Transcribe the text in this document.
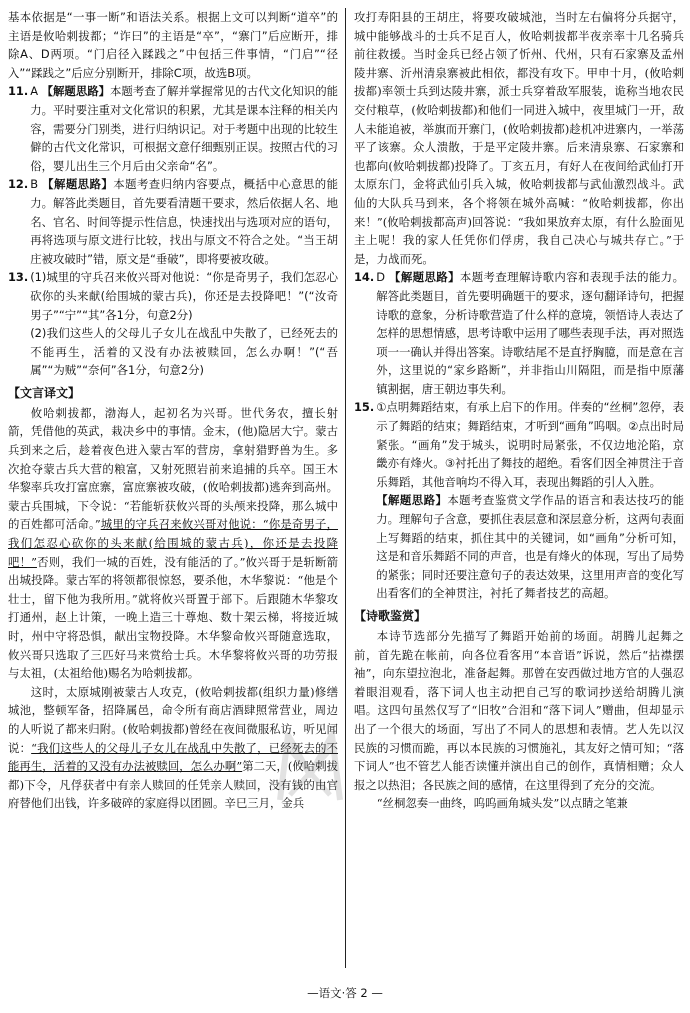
基本依据是“一事一断”和语法关系。根据上文可以判断“道卒”的主语是攸哈剌拔都；“诈曰”的主语是“卒”，“寨门”后应断开，排除A、D两项。“门启径入蹂践之”中包括三件事情，“门启”“径入”“蹂践之”后应分别断开，排除C项，故选B项。

11. A 【解题思路】本题考查了解并掌握常见的古代文化知识的能力。平时要注重对文化常识的积累，尤其是课本注释的相关内容，需要分门别类，进行归纳识记。对于考题中出现的比较生僻的古代文化常识，可根据文意仔细甄别正误。按照古代的习俗，婴儿出生三个月后由父亲命“名”。

12. B 【解题思路】本题考查归纳内容要点，概括中心意思的能力。解答此类题目，首先要看清题干要求，然后依据人名、地名、官名、时间等提示性信息，快速找出与选项对应的语句，再将选项与原文进行比较，找出与原文不符合之处。“当王胡庄被攻破时”错，原文是“垂破”，即将要被攻破。

13. (1)城里的守兵召来攸兴哥对他说：“你是奇男子，我们怎忍心砍你的头来献(给围城的蒙古兵)，你还是去投降吧！”(“汝奇男子”“宁”“其”各1分，句意2分)

(2)我们这些人的父母儿子女儿在战乱中失散了，已经死去的不能再生，活着的又没有办法被赎回，怎么办啊！”(“吾属”“为贼”“奈何”各1分，句意2分)

【文言译文】

攸哈剌拔都，渤海人，起初名为兴哥。世代务农，擅长射箭，凭借他的英武，栽决乡中的事情。金末，(他)隐居大宁。蒙古兵到来之后，趁着夜色进入蒙古军的营房，拿射猎野兽为生。多次抢夺蒙古兵大营的粮富，又射死照岩前来追捕的兵卒。国王木华黎率兵攻打富庶寨，富庶寨被攻破，(攸哈剌拔都)逃奔到高州。蒙古兵围城，下令说：“若能斩获攸兴哥的头颅来投降，那么城中的百姓都可活命。”城里的守兵召来攸兴哥对他说：“你是奇男子，我们怎忍心砍你的头来献(给围城的蒙古兵)，你还是去投降吧！”否则，我们一城的百姓，没有能活的了。”攸兴哥于是斩断箭出城投降。蒙古军的将领都很惊怒，要杀他，木华黎说：“他是个壮士，留下他为我所用。”就将攸兴哥置于部下。后跟随木华黎攻打通州，赵上计策，一晚上造三十尊炮、数十架云梯，将接近城时，州中守将恐惧，献出宝物投降。木华黎命攸兴哥随意选取，攸兴哥只选取了三匹好马来赏给士兵。木华黎将攸兴哥的功劳报与太祖，(太祖给他)赐名为哈剌拔都。

这时，太原城刚被蒙古人攻克，(攸哈剌拔都(组织力量)修缮城池，整顿军备，招降属邑，命令所有商店酒肆照常营业，周边的人听说了都来归附。(攸哈剌拔都)曾经在夜间微服私访，听见闻说：“我们这些人的父母儿子女儿在战乱中失散了，已经死去的不能再生，活着的又没有办法被赎回，怎么办啊”第二天，(攸哈剌拔都)下令，凡俘获者中有亲人赎回的任凭亲人赎回，没有钱的由官府替他们出钱，许多破碎的家庭得以团圆。辛巳三月，金兵

攻打寿阳县的王胡庄，将要攻破城池，当时左右偏将分兵据守，城中能够战斗的士兵不足百人，攸哈剌拔都半夜亲率十几名骑兵前往救援。当时金兵已经占领了忻州、代州，只有石家寨及孟州陵井寨、沂州清泉寨被此相依，都没有攻下。甲申十月，(攸哈剌拔都)率领士兵到达陵井寨，派士兵穿着敌军服装，诡称当地农民交付粮草，(攸哈剌拔都)和他们一同进入城中，夜里城门一开，敌人未能追被，举旗而开寨门，(攸哈剌拔都)趁机冲进寨内，一举荡平了该寨。众人溃散，于是平定陵井寨。后来清泉寨、石家寨和也都向(攸哈剌拔都)投降了。丁亥五月，有好人在夜间给武仙打开太原东门，金将武仙引兵入城，攸哈剌拔都与武仙激烈战斗。武仙的大队兵马到来，各个将领在城外高喊：“攸哈剌拔都，你出来！”(攸哈剌拔都高声)回答说：“我如果放弃太原，有什么脸面见主上呢！我的家人任凭你们俘虏，我自己决心与城共存亡。”于是，力战而死。

14. D 【解题思路】本题考查理解诗歌内容和表现手法的能力。解答此类题目，首先要明确题干的要求，逐句翻译诗句，把握诗歌的意象，分析诗歌营造了什么样的意境，领悟诗人表达了怎样的思想情感，思考诗歌中运用了哪些表现手法，再对照选项一一确认并得出答案。诗歌结尾不是直抒胸臆，而是意在言外，这里说的“家乡路断”，并非指山川隔阻，而是指中原藩镇割据，唐王朝边事失利。

15. ①点明舞蹈结束，有承上启下的作用。伴奏的“丝桐”忽停，表示了舞蹈的结束；舞蹈结束，才听到“画角”呜咽。②点出时局紧张。“画角”发于城头，说明时局紧张，不仅边地沦陷，京畿亦有烽火。③衬托出了舞技的超绝。看客们因全神贯注于音乐舞蹈，其他音响均不得入耳，表现出舞蹈的引人入胜。

【解题思路】本题考查鉴赏文学作品的语言和表达技巧的能力。理解句子含意，要抓住表层意和深层意分析，这两句表面上写舞蹈的结束，抓住其中的关键词，如“画角”分析可知，这是和音乐舞蹈不同的声音，也是有烽火的体现，写出了局势的紧张；同时还要注意句子的表达效果，这里用声音的变化写出看客们的全神贯注，衬托了舞者技艺的高超。

【诗歌鉴赏】

本诗节选部分先描写了舞蹈开始前的场面。胡腾儿起舞之前，首先跪在帐前，向各位看客用“本音语”诉说，然后“拈襟摆袖”，向东望拉泡北，准备起舞。那曾在安西做过地方官的人强忍着眼泪观看，落下词人也主动把自己写的歌词抄送给胡腾儿演唱。这四句虽然仅写了“旧牧”合泪和“落下词人”赠曲，但却显示出了一个很大的场面，写出了不同人的思想和表情。艺人先以汉民族的习惯而跪，再以本民族的习惯施礼，其友好之情可知；“落下词人”也不管艺人能否读懂并演出自己的创作，真情相赠；众人报之以热泪；各民族之间的感情，在这里得到了充分的交流。

“丝桐忽奏一曲终，呜呜画角城头发”以点睛之笔兼

—语文·答 2 —
